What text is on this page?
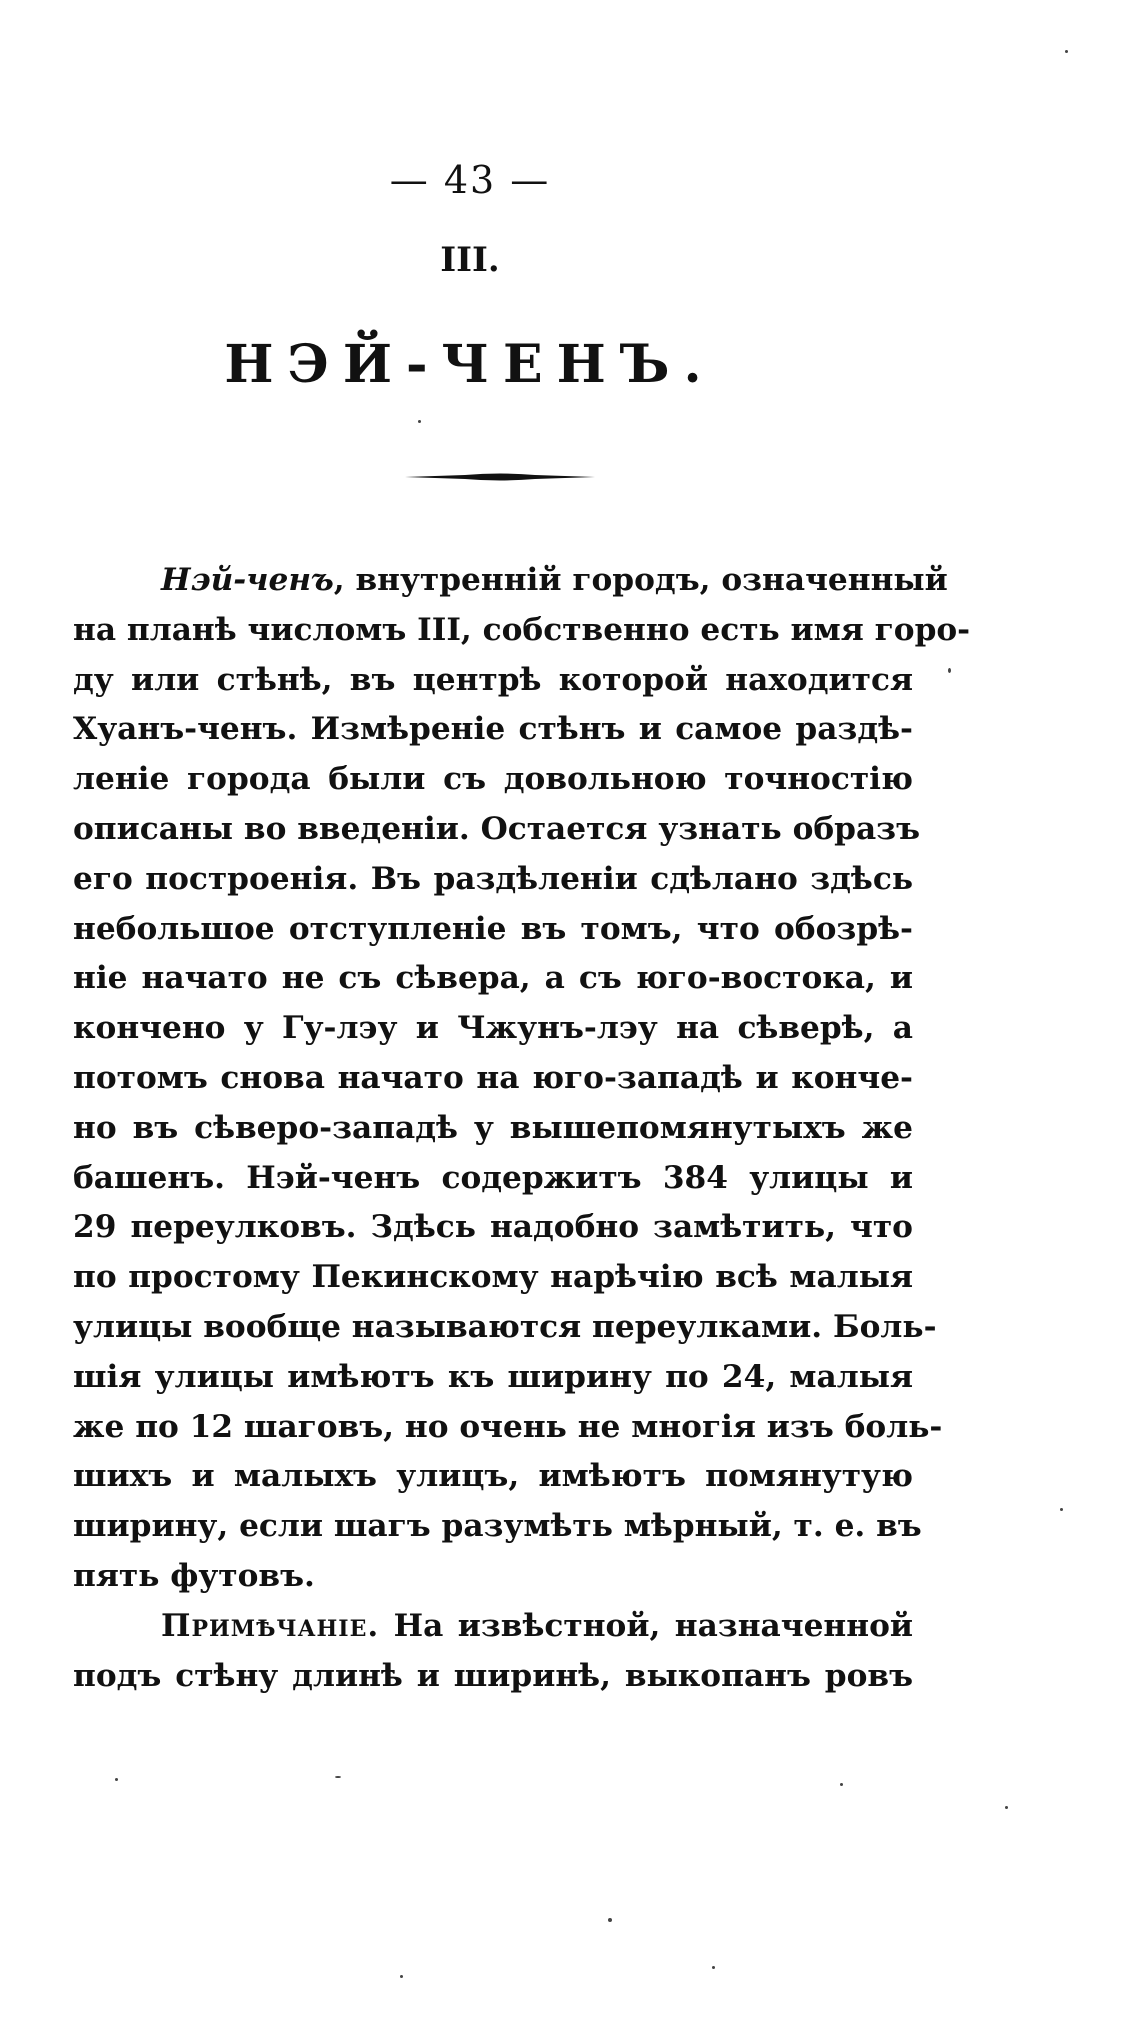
— 43 —
III.
НЭЙ-ЧЕНЪ.
Нэй-ченъ, внутренній городъ, означенный
на планѣ числомъ III, собственно есть имя горо-
ду или стѣнѣ, въ центрѣ которой находится
Хуанъ-ченъ. Измѣреніе стѣнъ и самое раздѣ-
леніе города были съ довольною точностію
описаны во введеніи. Остается узнать образъ
его построенія. Въ раздѣленіи сдѣлано здѣсь
небольшое отступленіе въ томъ, что обозрѣ-
ніе начато не съ сѣвера, а съ юго-востока, и
кончено у Гу-лэу и Чжунъ-лэу на сѣверѣ, а
потомъ снова начато на юго-западѣ и конче-
но въ сѣверо-западѣ у вышепомянутыхъ же
башенъ. Нэй-ченъ содержитъ 384 улицы и
29 переулковъ. Здѣсь надобно замѣтить, что
по простому Пекинскому нарѣчію всѣ малыя
улицы вообще называются переулками. Боль-
шія улицы имѣютъ къ ширину по 24, малыя
же по 12 шаговъ, но очень не многія изъ боль-
шихъ и малыхъ улицъ, имѣютъ помянутую
ширину, если шагъ разумѣть мѣрный, т. е. въ
пять футовъ.
Примѣчаніе. На извѣстной, назначенной
подъ стѣну длинѣ и ширинѣ, выкопанъ ровъ
